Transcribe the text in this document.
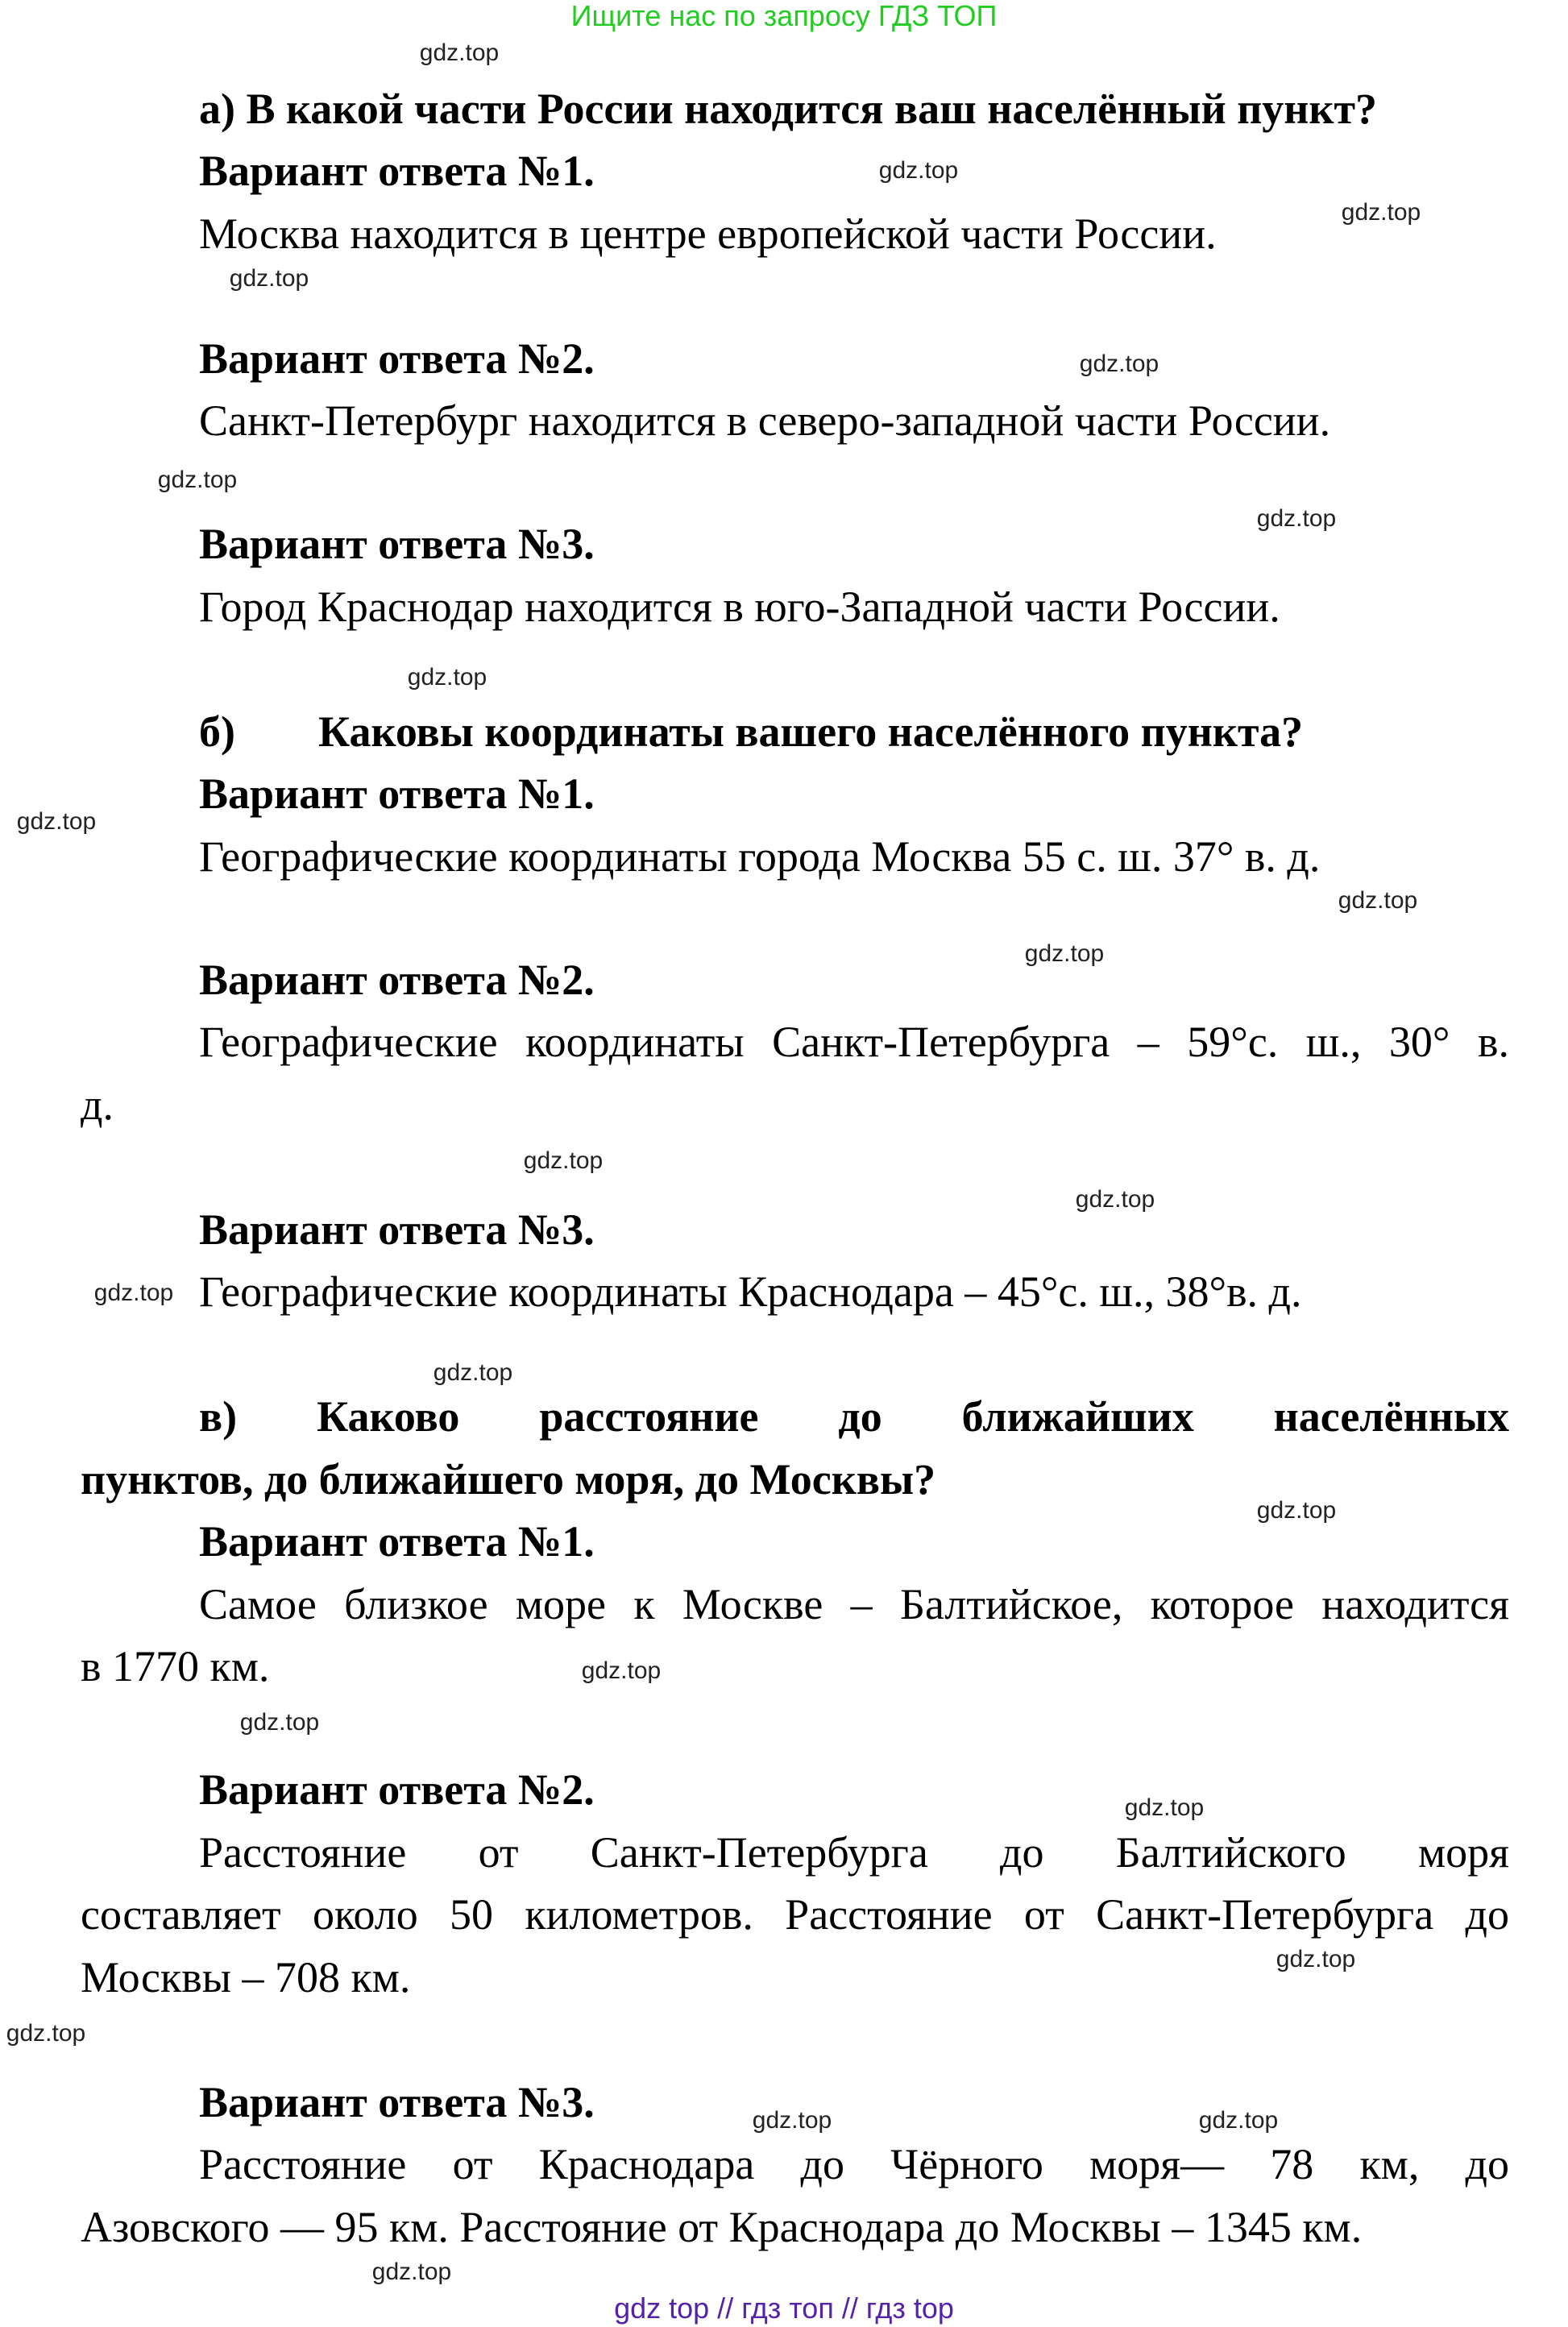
Ищите нас по запросу ГДЗ ТОП
а) В какой части России находится ваш населённый пункт?
Вариант ответа №1.
Москва находится в центре европейской части России.
Вариант ответа №2.
Санкт-Петербург находится в северо-западной части России.
Вариант ответа №3.
Город Краснодар находится в юго-Западной части России.
б) Каковы координаты вашего населённого пункта?
Вариант ответа №1.
Географические координаты города Москва 55 с. ш. 37° в. д.
Вариант ответа №2.
Географические координаты Санкт-Петербурга – 59°с. ш., 30° в.
д.
Вариант ответа №3.
Географические координаты Краснодара – 45°с. ш., 38°в. д.
в) Каково расстояние до ближайших населённых
пунктов, до ближайшего моря, до Москвы?
Вариант ответа №1.
Самое близкое море к Москве – Балтийское, которое находится
в 1770 км.
Вариант ответа №2.
Расстояние от Санкт-Петербурга до Балтийского моря
составляет около 50 километров. Расстояние от Санкт-Петербурга до
Москвы – 708 км.
Вариант ответа №3.
Расстояние от Краснодара до Чёрного моря— 78 км, до
Азовского — 95 км. Расстояние от Краснодара до Москвы – 1345 км.
gdz.top
gdz.top
gdz.top
gdz.top
gdz.top
gdz.top
gdz.top
gdz.top
gdz.top
gdz.top
gdz.top
gdz.top
gdz.top
gdz.top
gdz.top
gdz.top
gdz.top
gdz.top
gdz.top
gdz.top
gdz.top
gdz.top	gdz.top
gdz.top
gdz top // гдз топ // гдз top
